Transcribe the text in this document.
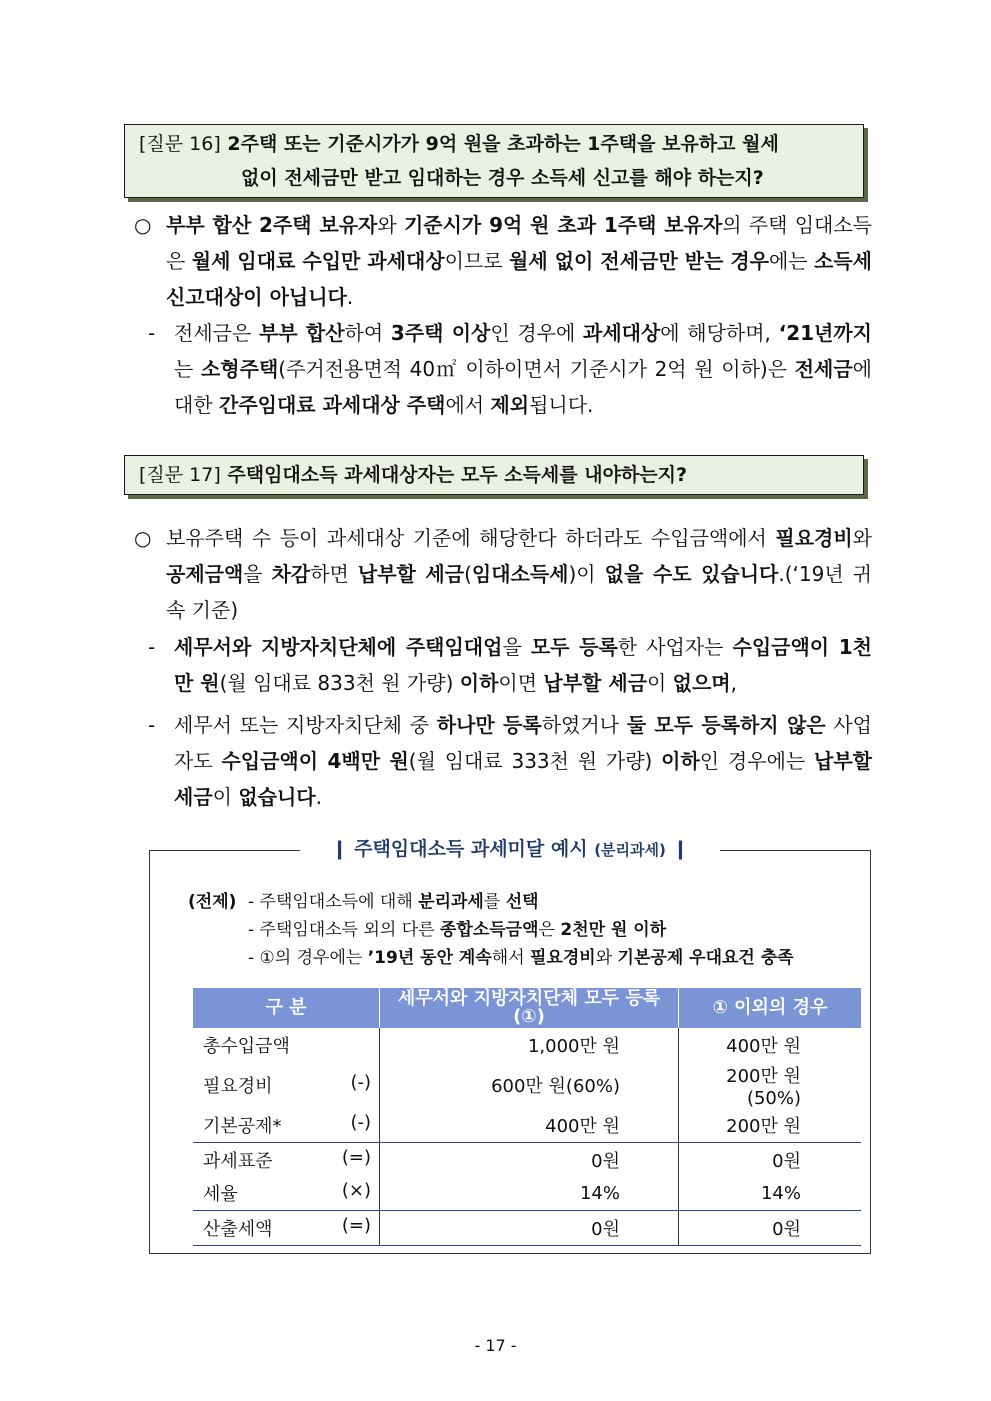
[질문 16] 2주택 또는 기준시가가 9억 원을 초과하는 1주택을 보유하고 월세
없이 전세금만 받고 임대하는 경우 소득세 신고를 해야 하는지?
○ 부부 합산 2주택 보유자와 기준시가 9억 원 초과 1주택 보유자의 주택 임대소득은 월세 임대료 수입만 과세대상이므로 월세 없이 전세금만 받는 경우에는 소득세 신고대상이 아닙니다.
- 전세금은 부부 합산하여 3주택 이상인 경우에 과세대상에 해당하며, ‘21년까지는 소형주택(주거전용면적 40㎡ 이하이면서 기준시가 2억 원 이하)은 전세금에 대한 간주임대료 과세대상 주택에서 제외됩니다.
[질문 17] 주택임대소득 과세대상자는 모두 소득세를 내야하는지?
○ 보유주택 수 등이 과세대상 기준에 해당한다 하더라도 수입금액에서 필요경비와 공제금액을 차감하면 납부할 세금(임대소득세)이 없을 수도 있습니다.(‘19년 귀속 기준)
- 세무서와 지방자치단체에 주택임대업을 모두 등록한 사업자는 수입금액이 1천만 원(월 임대료 833천 원 가량) 이하이면 납부할 세금이 없으며,
- 세무서 또는 지방자치단체 중 하나만 등록하였거나 둘 모두 등록하지 않은 사업자도 수입금액이 4백만 원(월 임대료 333천 원 가량) 이하인 경우에는 납부할 세금이 없습니다.
❙ 주택임대소득 과세미달 예시 (분리과세) ❙
(전제) - 주택임대소득에 대해 분리과세를 선택
- 주택임대소득 외의 다른 종합소득금액은 2천만 원 이하
- ①의 경우에는 ’19년 동안 계속해서 필요경비와 기본공제 우대요건 충족
구 분	세무서와 지방자치단체 모두 등록 (①)	① 이외의 경우

총수입금액	1,000만 원	400만 원

필요경비 (-)	600만 원(60%)	200만 원(50%)

기본공제* (-)	400만 원	200만 원

과세표준 (=)	0원	0원

세율 (×)	14%	14%

산출세액 (=)	0원	0원
- 17 -
